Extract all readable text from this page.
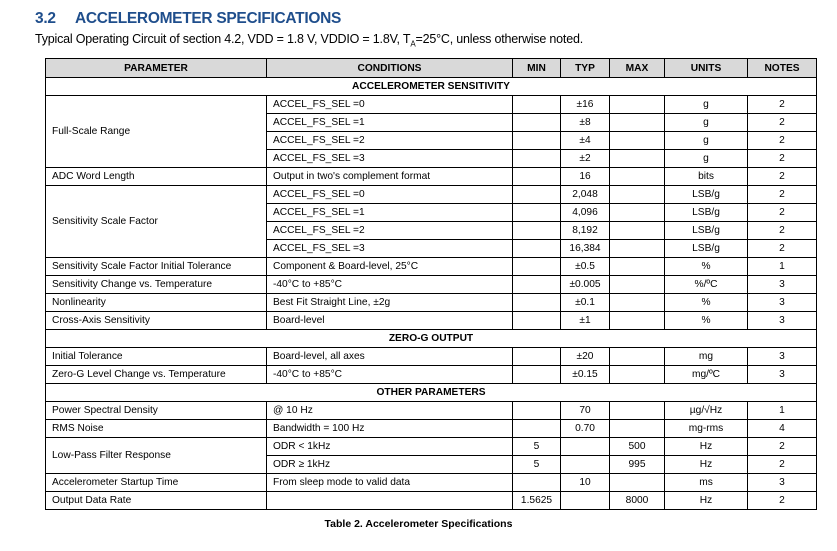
3.2 ACCELEROMETER SPECIFICATIONS
Typical Operating Circuit of section 4.2, VDD = 1.8 V, VDDIO = 1.8V, $T_A=25^\circ C$, unless otherwise noted.
PARAMETER	CONDITIONS	MIN	TYP	MAX	UNITS	NOTES
ACCELEROMETER SENSITIVITY						
Full-Scale Range	ACCEL_FS_SEL =0		±16		g	2
	ACCEL_FS_SEL =1		±8		g	2
	ACCEL_FS_SEL =2		±4		g	2
	ACCEL_FS_SEL =3		±2		g	2
ADC Word Length	Output in two's complement format		16		bits	2
Sensitivity Scale Factor	ACCEL_FS_SEL =0		2,048		LSB/g	2
	ACCEL_FS_SEL =1		4,096		LSB/g	2
	ACCEL_FS_SEL =2		8,192		LSB/g	2
	ACCEL_FS_SEL =3		16,384		LSB/g	2
Sensitivity Scale Factor Initial Tolerance	Component & Board-level, 25°C		±0.5		%	1
Sensitivity Change vs. Temperature	-40°C to +85°C		±0.005		%/ºC	3
Nonlinearity	Best Fit Straight Line, ±2g		±0.1		%	3
Cross-Axis Sensitivity	Board-level		±1		%	3
ZERO-G OUTPUT						
Initial Tolerance	Board-level, all axes		±20		mg	3
Zero-G Level Change vs. Temperature	-40°C to +85°C		±0.15		mg/ºC	3
OTHER PARAMETERS						
Power Spectral Density	@ 10 Hz		70		µg/√Hz	1
RMS Noise	Bandwidth = 100 Hz		0.70		mg-rms	4
Low-Pass Filter Response	ODR < 1kHz	5		500	Hz	2
	ODR ≥ 1kHz	5		995	Hz	2
Accelerometer Startup Time	From sleep mode to valid data		10		ms	3
Output Data Rate		1.5625		8000	Hz	2
Table 2. Accelerometer Specifications
